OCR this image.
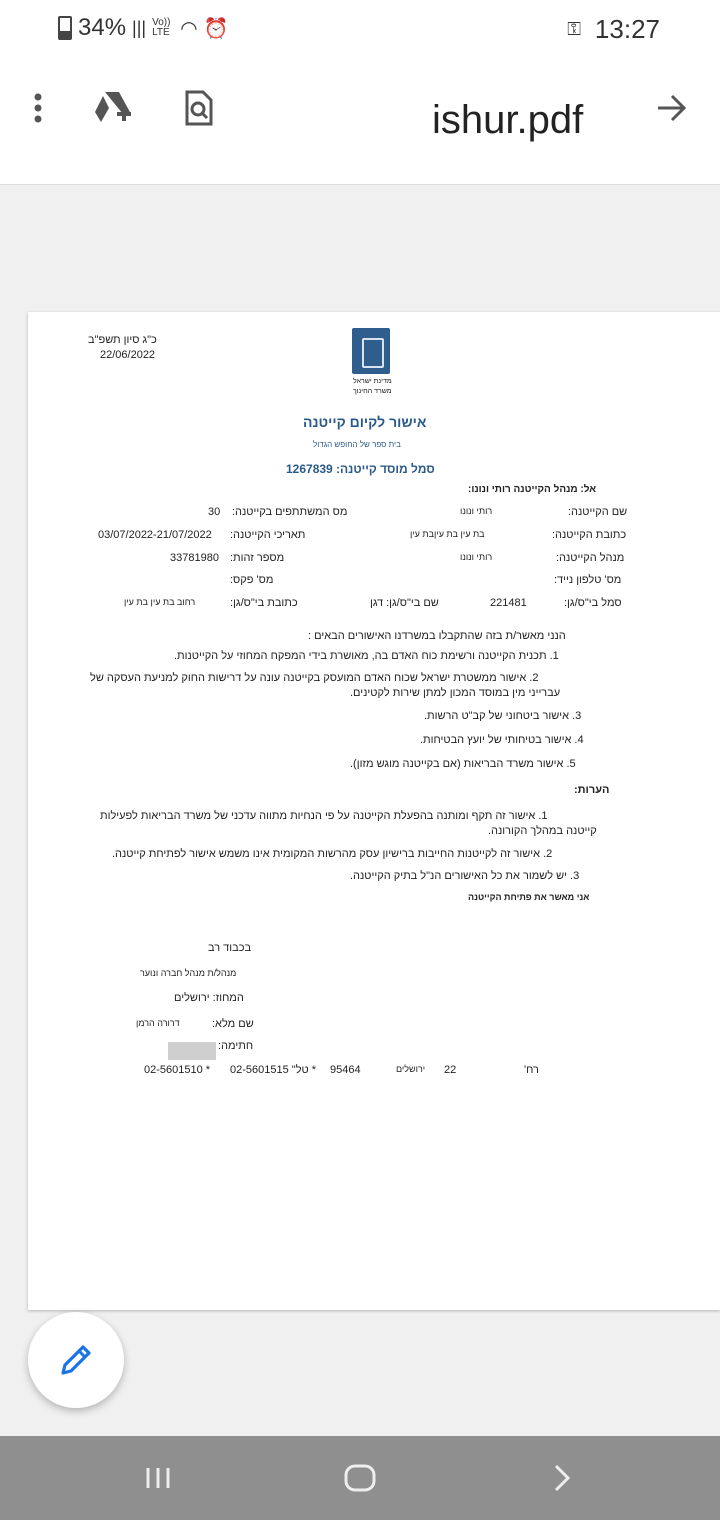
34% ||| Vo)) LTE ◠ ⏰	⚿ 13:27
ishur.pdf
כ"ג סיון תשפ"ב
22/06/2022
מדינת ישראל
משרד החינוך
אישור לקיום קייטנה
בית ספר של החופש הגדול
סמל מוסד קייטנה: 1267839
אל: מנהל הקייטנה רותי ונונו:
שם הקייטנה:
רותי ונונו
מס המשתתפים בקייטנה:
30
כתובת הקייטנה:
בת עין בת עיןבת עין
תאריכי הקייטנה:
03/07/2022-21/07/2022
מנהל הקייטנה:
רותי ונונו
מספר זהות:
33781980
מס' טלפון נייד:
מס' פקס:
סמל בי"ס/גן:
221481
שם בי"ס/גן: דגן
כתובת בי"ס/גן:
רחוב בת עין בת עין
הנני מאשר/ת בזה שהתקבלו במשרדנו האישורים הבאים :
1. תכנית הקייטנה ורשימת כוח האדם בה, מאושרת בידי המפקח המחוזי על הקייטנות.
2. אישור ממשטרת ישראל שכוח האדם המועסק בקייטנה עונה על דרישות החוק למניעת העסקה של
עברייני מין במוסד המכון למתן שירות לקטינים.
3. אישור ביטחוני של קב"ט הרשות.
4. אישור בטיחותי של יועץ הבטיחות.
5. אישור משרד הבריאות (אם בקייטנה מוגש מזון).
הערות:
1. אישור זה תקף ומותנה בהפעלת הקייטנה על פי הנחיות מתווה עדכני של משרד הבריאות לפעילות
קייטנה במהלך הקורונה.
2. אישור זה לקייטנות החייבות ברישיון עסק מהרשות המקומית אינו משמש אישור לפתיחת קייטנה.
3. יש לשמור את כל האישורים הנ"ל בתיק הקייטנה.
אני מאשר את פתיחת הקייטנה
בכבוד רב
מנהל/ת מנהל חברה ונוער
המחוז: ירושלים
שם מלא:
דרורה הרמן
חתימה:
רח'
22
ירושלים
95464
02-5601515 "טל *
02-5601510 *
